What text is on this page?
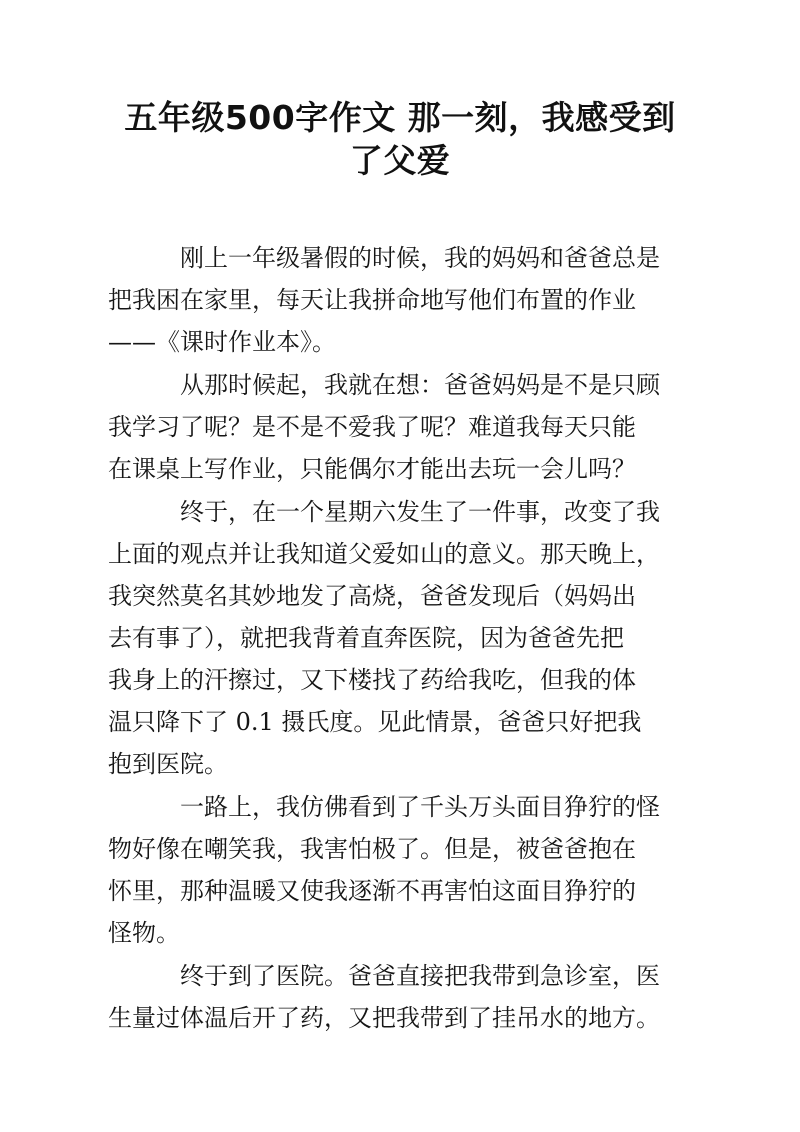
五年级500字作文 那一刻，我感受到
了父爱
刚上一年级暑假的时候，我的妈妈和爸爸总是
把我困在家里，每天让我拼命地写他们布置的作业
——《课时作业本》。
从那时候起，我就在想：爸爸妈妈是不是只顾
我学习了呢？是不是不爱我了呢？难道我每天只能
在课桌上写作业，只能偶尔才能出去玩一会儿吗？
终于，在一个星期六发生了一件事，改变了我
上面的观点并让我知道父爱如山的意义。那天晚上，
我突然莫名其妙地发了高烧，爸爸发现后（妈妈出
去有事了），就把我背着直奔医院，因为爸爸先把
我身上的汗擦过，又下楼找了药给我吃，但我的体
温只降下了 0.1 摄氏度。见此情景，爸爸只好把我
抱到医院。
一路上，我仿佛看到了千头万头面目狰狞的怪
物好像在嘲笑我，我害怕极了。但是，被爸爸抱在
怀里，那种温暖又使我逐渐不再害怕这面目狰狞的
怪物。
终于到了医院。爸爸直接把我带到急诊室，医
生量过体温后开了药，又把我带到了挂吊水的地方。
